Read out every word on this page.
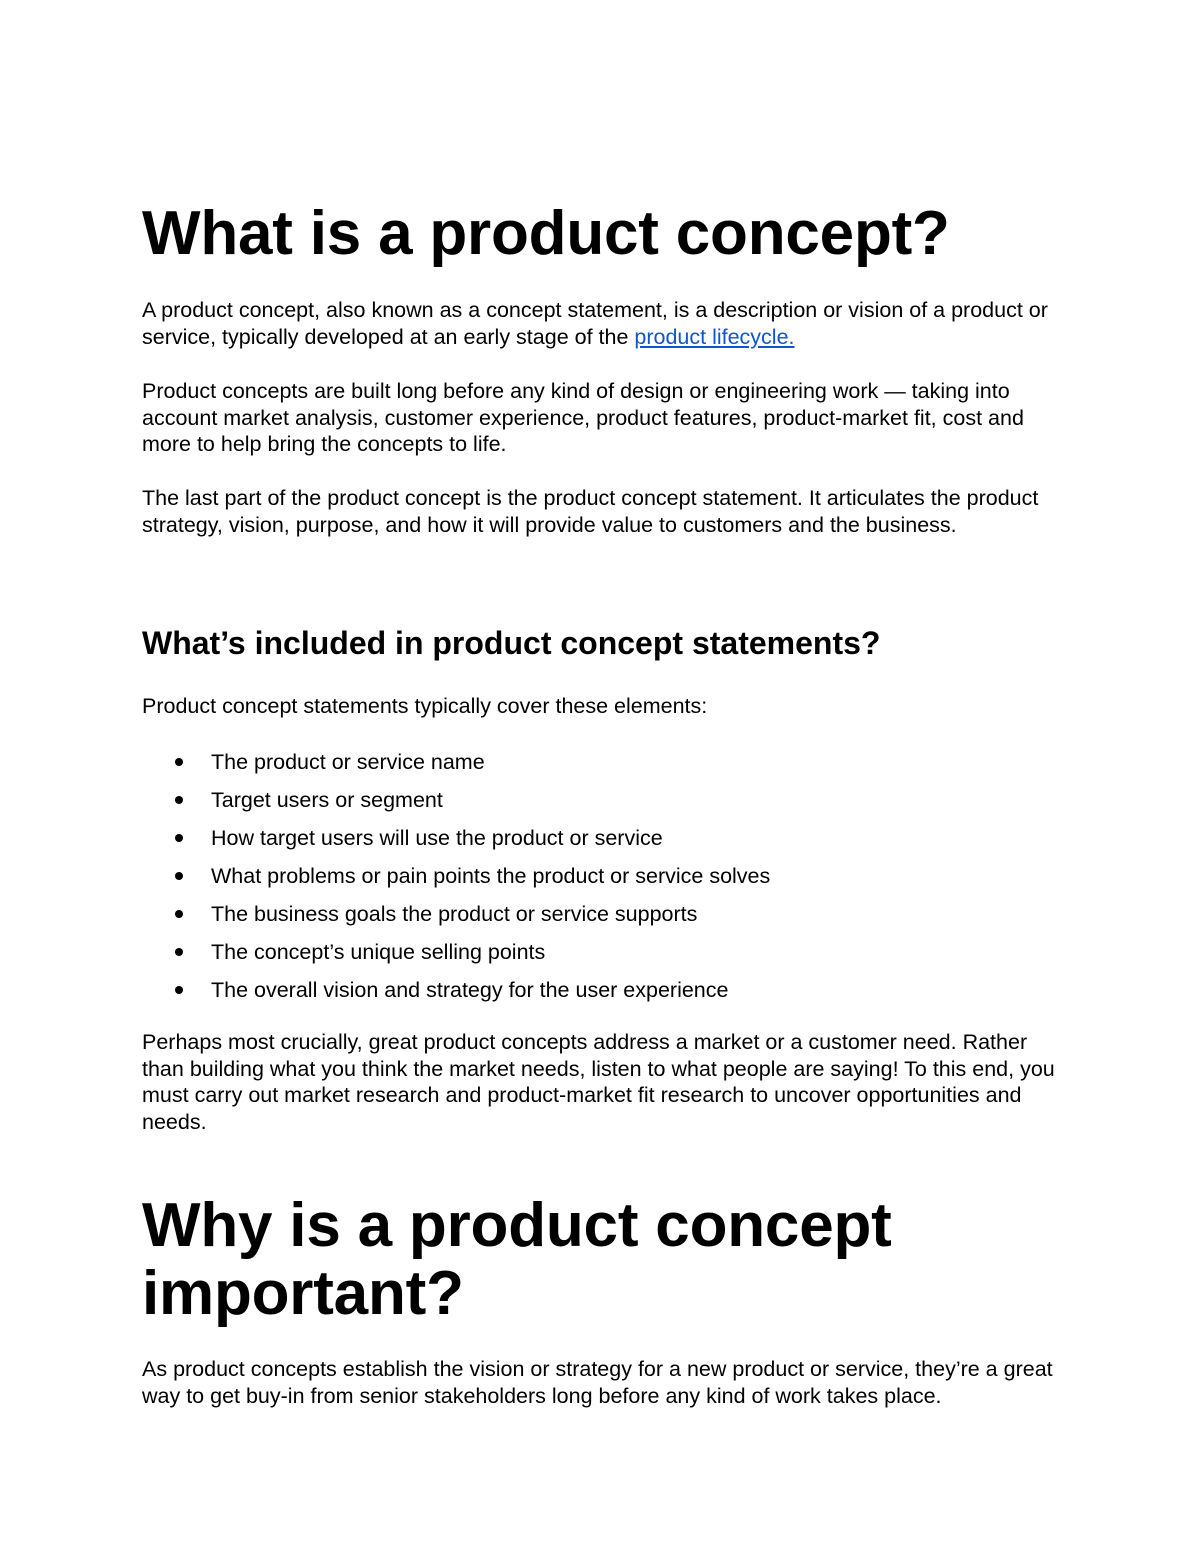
What is a product concept?

A product concept, also known as a concept statement, is a description or vision of a product or service, typically developed at an early stage of the product lifecycle.

Product concepts are built long before any kind of design or engineering work — taking into account market analysis, customer experience, product features, product-market fit, cost and more to help bring the concepts to life.

The last part of the product concept is the product concept statement. It articulates the product strategy, vision, purpose, and how it will provide value to customers and the business.

What’s included in product concept statements?

Product concept statements typically cover these elements:

The product or service name
Target users or segment
How target users will use the product or service
What problems or pain points the product or service solves
The business goals the product or service supports
The concept’s unique selling points
The overall vision and strategy for the user experience

Perhaps most crucially, great product concepts address a market or a customer need. Rather than building what you think the market needs, listen to what people are saying! To this end, you must carry out market research and product-market fit research to uncover opportunities and needs.

Why is a product concept important?

As product concepts establish the vision or strategy for a new product or service, they’re a great way to get buy-in from senior stakeholders long before any kind of work takes place.
